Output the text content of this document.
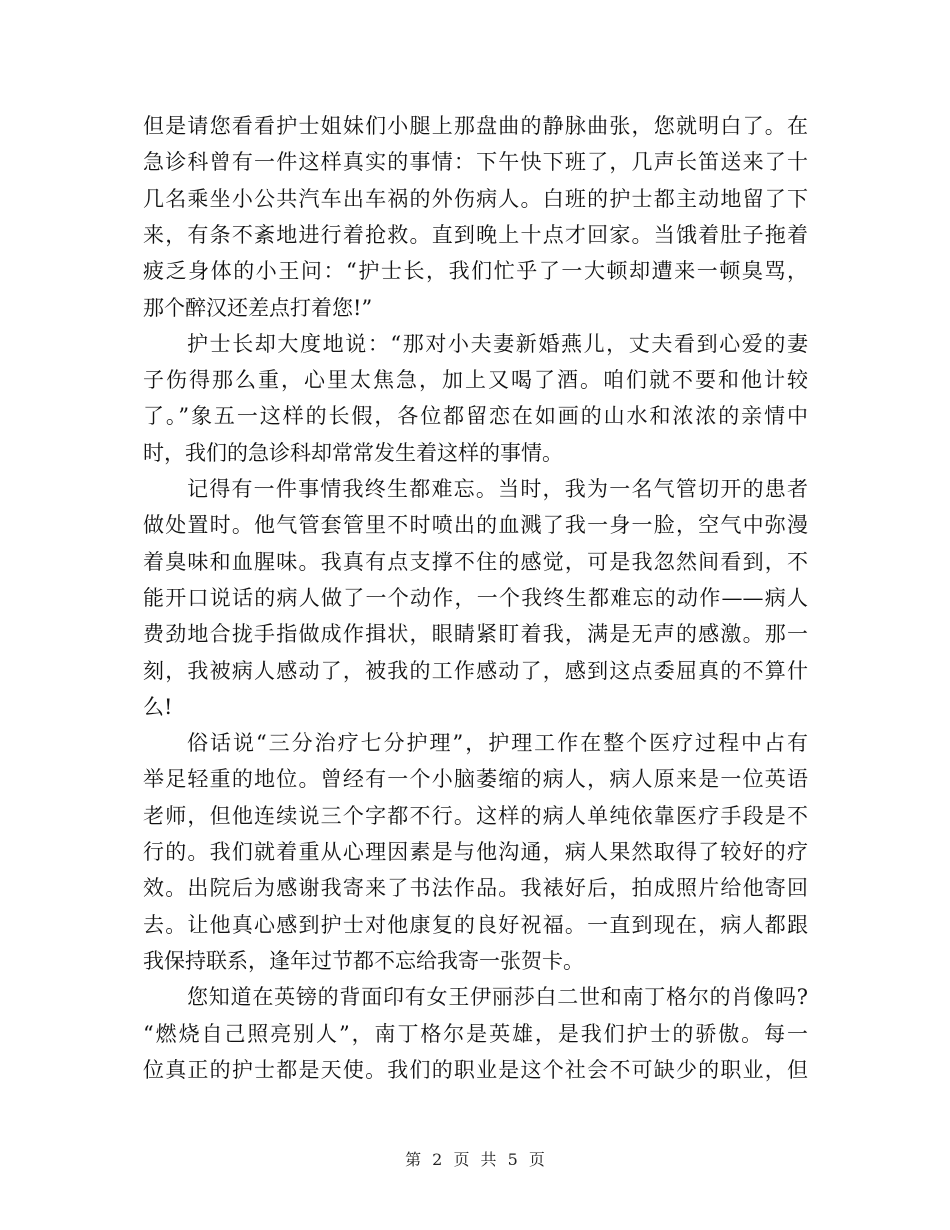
但是请您看看护士姐妹们小腿上那盘曲的静脉曲张，您就明白了。在
急诊科曾有一件这样真实的事情：下午快下班了，几声长笛送来了十
几名乘坐小公共汽车出车祸的外伤病人。白班的护士都主动地留了下
来，有条不紊地进行着抢救。直到晚上十点才回家。当饿着肚子拖着
疲乏身体的小王问：“护士长，我们忙乎了一大顿却遭来一顿臭骂，
那个醉汉还差点打着您!”
护士长却大度地说：“那对小夫妻新婚燕儿，丈夫看到心爱的妻
子伤得那么重，心里太焦急，加上又喝了酒。咱们就不要和他计较
了。”象五一这样的长假，各位都留恋在如画的山水和浓浓的亲情中
时，我们的急诊科却常常发生着这样的事情。
记得有一件事情我终生都难忘。当时，我为一名气管切开的患者
做处置时。他气管套管里不时喷出的血溅了我一身一脸，空气中弥漫
着臭味和血腥味。我真有点支撑不住的感觉，可是我忽然间看到，不
能开口说话的病人做了一个动作，一个我终生都难忘的动作——病人
费劲地合拢手指做成作揖状，眼睛紧盯着我，满是无声的感激。那一
刻，我被病人感动了，被我的工作感动了，感到这点委屈真的不算什
么!
俗话说“三分治疗七分护理”，护理工作在整个医疗过程中占有
举足轻重的地位。曾经有一个小脑萎缩的病人，病人原来是一位英语
老师，但他连续说三个字都不行。这样的病人单纯依靠医疗手段是不
行的。我们就着重从心理因素是与他沟通，病人果然取得了较好的疗
效。出院后为感谢我寄来了书法作品。我裱好后，拍成照片给他寄回
去。让他真心感到护士对他康复的良好祝福。一直到现在，病人都跟
我保持联系，逢年过节都不忘给我寄一张贺卡。
您知道在英镑的背面印有女王伊丽莎白二世和南丁格尔的肖像吗?
“燃烧自己照亮别人”，南丁格尔是英雄，是我们护士的骄傲。每一
位真正的护士都是天使。我们的职业是这个社会不可缺少的职业，但
第 2 页 共 5 页
